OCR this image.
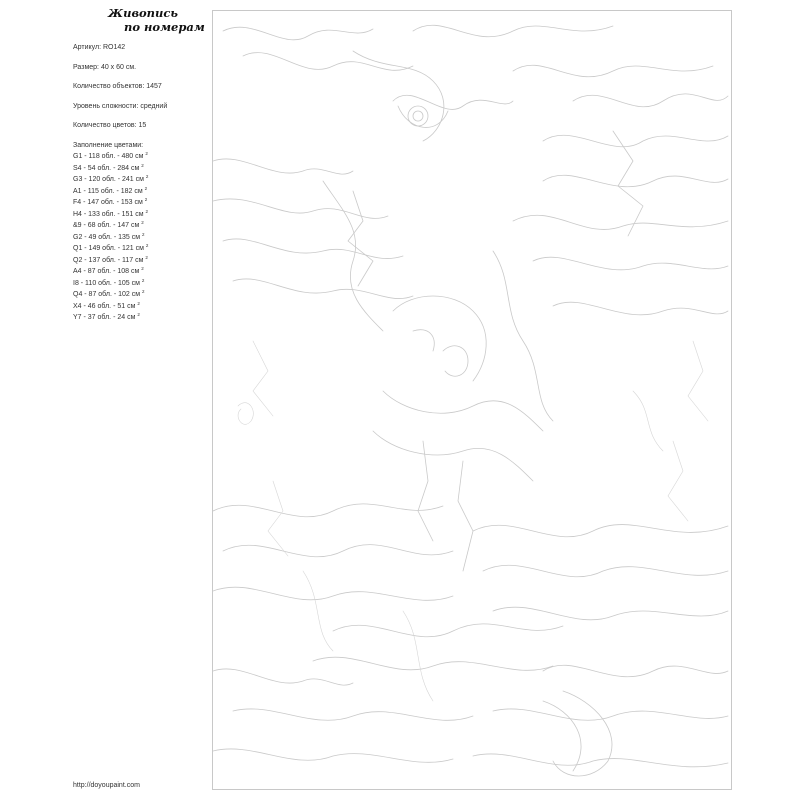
Живопись
по номерам
Артикул: RO142
Размер: 40 x 60 см.
Количество объектов: 1457
Уровень сложности: средний
Количество цветов: 15
Заполнение цветами:
G1 - 118 обл. - 480 см $^2$
S4 - 54 обл. - 284 см $^2$
G3 - 120 обл. - 241 см $^2$
A1 - 115 обл. - 182 см $^2$
F4 - 147 обл. - 153 см $^2$
H4 - 133 обл. - 151 см $^2$
&9 - 68 обл. - 147 см $^2$
G2 - 49 обл. - 135 см $^2$
Q1 - 149 обл. - 121 см $^2$
Q2 - 137 обл. - 117 см $^2$
A4 - 87 обл. - 108 см $^2$
I8 - 110 обл. - 105 см $^2$
Q4 - 87 обл. - 102 см $^2$
X4 - 46 обл. - 51 см $^2$
Y7 - 37 обл. - 24 см $^2$
http://doyoupaint.com
